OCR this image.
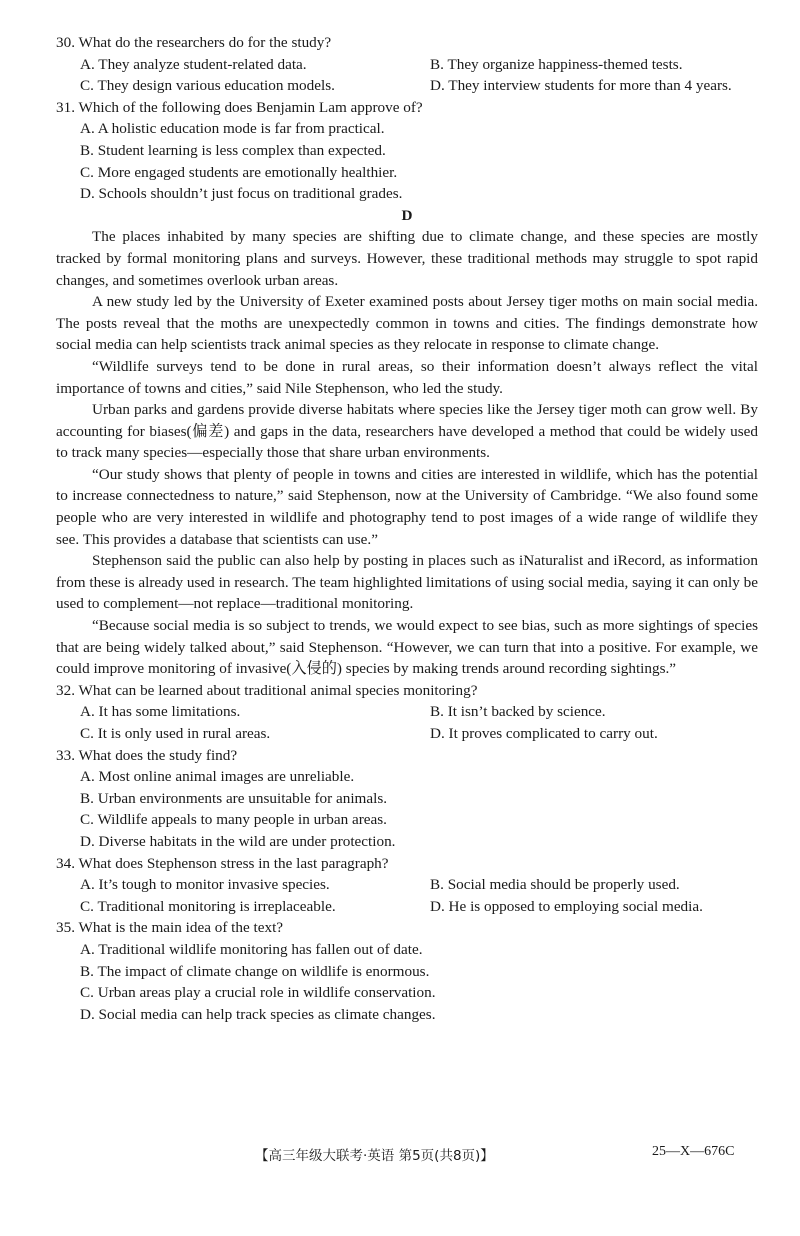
30. What do the researchers do for the study?

A. They analyze student-related data.	B. They organize happiness-themed tests.
C. They design various education models.	D. They interview students for more than 4 years.

31. Which of the following does Benjamin Lam approve of?

A. A holistic education mode is far from practical.
B. Student learning is less complex than expected.
C. More engaged students are emotionally healthier.
D. Schools shouldn’t just focus on traditional grades.

D

The places inhabited by many species are shifting due to climate change, and these species are mostly tracked by formal monitoring plans and surveys. However, these traditional methods may struggle to spot rapid changes, and sometimes overlook urban areas.

A new study led by the University of Exeter examined posts about Jersey tiger moths on main social media. The posts reveal that the moths are unexpectedly common in towns and cities. The findings demonstrate how social media can help scientists track animal species as they relocate in response to climate change.

“Wildlife surveys tend to be done in rural areas, so their information doesn’t always reflect the vital importance of towns and cities,” said Nile Stephenson, who led the study.

Urban parks and gardens provide diverse habitats where species like the Jersey tiger moth can grow well. By accounting for biases(偏差) and gaps in the data, researchers have developed a method that could be widely used to track many species—especially those that share urban environments.

“Our study shows that plenty of people in towns and cities are interested in wildlife, which has the potential to increase connectedness to nature,” said Stephenson, now at the University of Cambridge. “We also found some people who are very interested in wildlife and photography tend to post images of a wide range of wildlife they see. This provides a database that scientists can use.”

Stephenson said the public can also help by posting in places such as iNaturalist and iRecord, as information from these is already used in research. The team highlighted limitations of using social media, saying it can only be used to complement—not replace—traditional monitoring.

“Because social media is so subject to trends, we would expect to see bias, such as more sightings of species that are being widely talked about,” said Stephenson. “However, we can turn that into a positive. For example, we could improve monitoring of invasive(入侵的) species by making trends around recording sightings.”

32. What can be learned about traditional animal species monitoring?

A. It has some limitations.	B. It isn’t backed by science.
C. It is only used in rural areas.	D. It proves complicated to carry out.

33. What does the study find?

A. Most online animal images are unreliable.
B. Urban environments are unsuitable for animals.
C. Wildlife appeals to many people in urban areas.
D. Diverse habitats in the wild are under protection.

34. What does Stephenson stress in the last paragraph?

A. It’s tough to monitor invasive species.	B. Social media should be properly used.
C. Traditional monitoring is irreplaceable.	D. He is opposed to employing social media.

35. What is the main idea of the text?

A. Traditional wildlife monitoring has fallen out of date.
B. The impact of climate change on wildlife is enormous.
C. Urban areas play a crucial role in wildlife conservation.
D. Social media can help track species as climate changes.
【高三年级大联考·英语 第5页(共8页)】	25—X—676C
